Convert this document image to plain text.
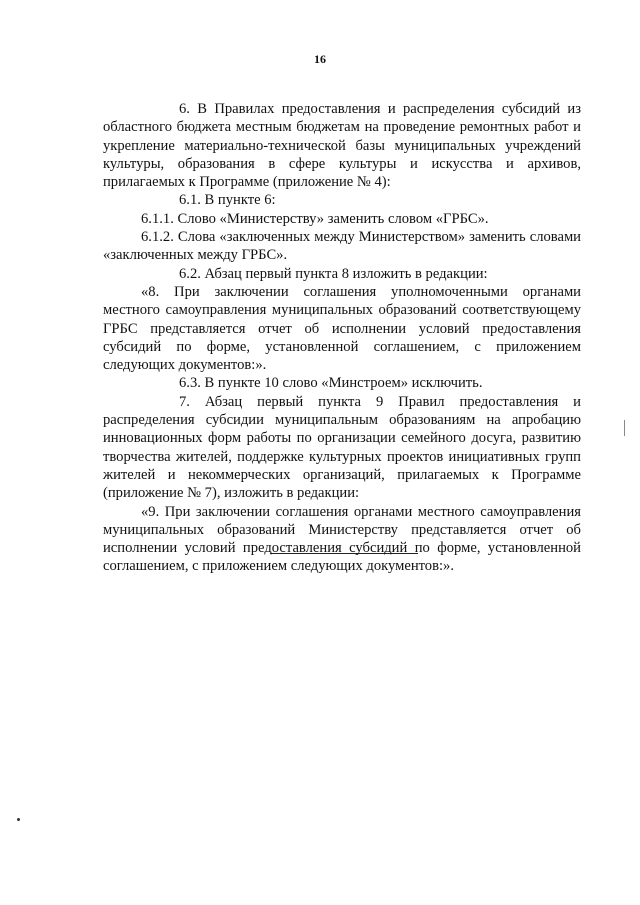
16

6. В Правилах предоставления и распределения субсидий из областного бюджета местным бюджетам на проведение ремонтных работ и укрепление материально-технической базы муниципальных учреждений культуры, образования в сфере культуры и искусства и архивов, прилагаемых к Программе (приложение № 4):

6.1. В пункте 6:

6.1.1. Слово «Министерству» заменить словом «ГРБС».

6.1.2. Слова «заключенных между Министерством» заменить словами «заключенных между ГРБС».

6.2. Абзац первый пункта 8 изложить в редакции:

«8. При заключении соглашения уполномоченными органами местного самоуправления муниципальных образований соответствующему ГРБС представляется отчет об исполнении условий предоставления субсидий по форме, установленной соглашением, с приложением следующих документов:».

6.3. В пункте 10 слово «Минстроем» исключить.

7. Абзац первый пункта 9 Правил предоставления и распределения субсидии муниципальным образованиям на апробацию инновационных форм работы по организации семейного досуга, развитию творчества жителей, поддержке культурных проектов инициативных групп жителей и некоммерческих организаций, прилагаемых к Программе (приложение № 7), изложить в редакции:

«9. При заключении соглашения органами местного самоуправления муниципальных образований Министерству представляется отчет об исполнении условий предоставления субсидий по форме, установленной соглашением, с приложением следующих документов:».
